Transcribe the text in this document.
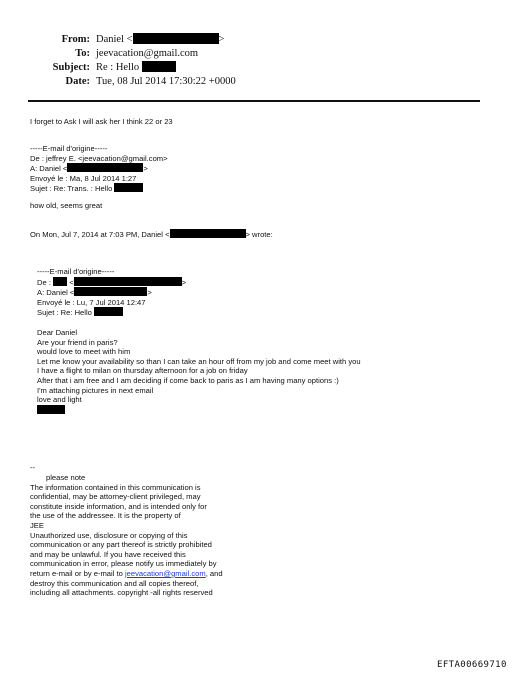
From: Daniel <	>
To: jeevacation@gmail.com
Subject: Re : Hello
Date: Tue, 08 Jul 2014 17:30:22 +0000
I forget to Ask I will ask her I think 22 or 23
-----E-mail d'origine-----
De : jeffrey E. <jeevacation@gmail.com>
A: Daniel <	>
Envoyé le : Ma, 8 Jul 2014 1:27
Sujet : Re: Trans. : Hello
how old, seems great
On Mon, Jul 7, 2014 at 7:03 PM, Daniel <	> wrote:
-----E-mail d'origine-----
De : <	>
A: Daniel <	>
Envoyé le : Lu, 7 Jul 2014 12:47
Sujet : Re: Hello
Dear Daniel
Are your friend in paris?
would love to meet with him
Let me know your availability so than I can take an hour off from my job and come meet with you
I have a flight to milan on thursday afternoon for a job on friday
After that i am free and I am deciding if come back to paris as I am having many options :)
I'm attaching pictures in next email
love and light
--
please note
The information contained in this communication is
confidential, may be attorney-client privileged, may
constitute inside information, and is intended only for
the use of the addressee. It is the property of
JEE
Unauthorized use, disclosure or copying of this
communication or any part thereof is strictly prohibited
and may be unlawful. If you have received this
communication in error, please notify us immediately by
return e-mail or by e-mail to jeevacation@gmail.com, and
destroy this communication and all copies thereof,
including all attachments. copyright -all rights reserved
EFTA00669710
